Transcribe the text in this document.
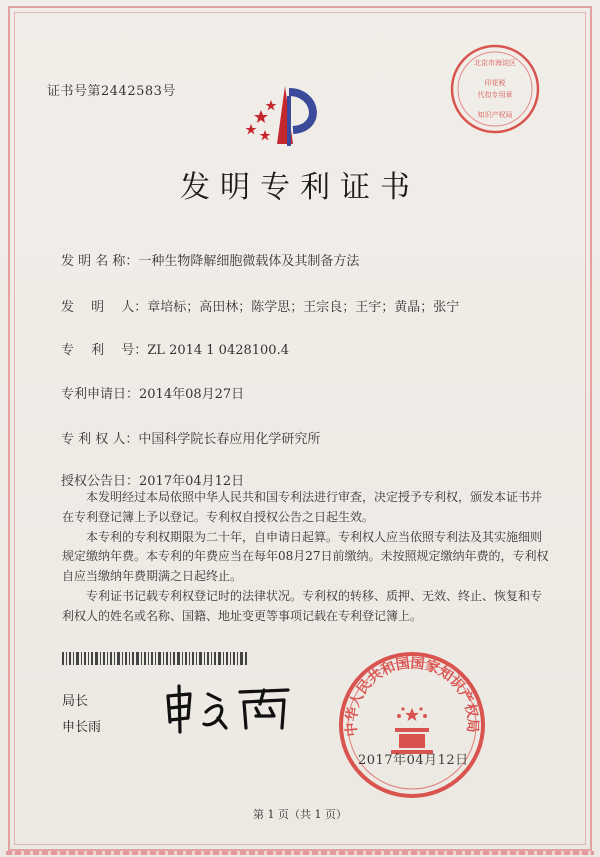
证书号第2442583号
北京市海淀区
印花税
代扣专用章
知识产权局
发明专利证书
发 明 名 称：一种生物降解细胞微载体及其制备方法
发　 明　 人：章培标；高田林；陈学思；王宗良；王宇；黄晶；张宁
专　 利　 号：ZL 2014 1 0428100.4
专利申请日：2014年08月27日
专 利 权 人：中国科学院长春应用化学研究所
授权公告日：2017年04月12日

本发明经过本局依照中华人民共和国专利法进行审查，决定授予专利权，颁发本证书并在专利登记簿上予以登记。专利权自授权公告之日起生效。

本专利的专利权期限为二十年，自申请日起算。专利权人应当依照专利法及其实施细则规定缴纳年费。本专利的年费应当在每年08月27日前缴纳。未按照规定缴纳年费的，专利权自应当缴纳年费期满之日起终止。

专利证书记载专利权登记时的法律状况。专利权的转移、质押、无效、终止、恢复和专利权人的姓名或名称、国籍、地址变更等事项记载在专利登记簿上。

局长
申长雨	中华人民共和国国家知识产权局
2017年04月12日
第 1 页（共 1 页）
